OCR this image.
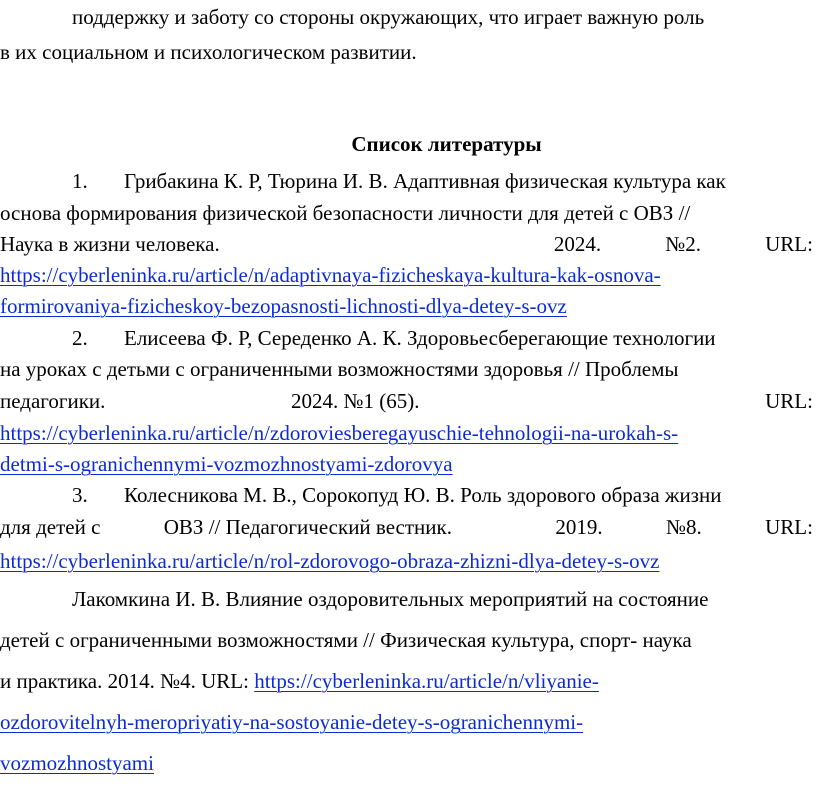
поддержку и заботу со стороны окружающих, что играет важную роль
в их социальном и психологическом развитии.
Список литературы
1. Грибакина К. Р, Тюрина И. В. Адаптивная физическая культура как
основа формирования физической безопасности личности для детей с ОВЗ //
Наука в жизни человека.	2024.	№2.	URL:
https://cyberleninka.ru/article/n/adaptivnaya-fizicheskaya-kultura-kak-osnova-
formirovaniya-fizicheskoy-bezopasnosti-lichnosti-dlya-detey-s-ovz
2. Елисеева Ф. Р, Середенко А. К. Здоровьесберегающие технологии
на уроках с детьми с ограниченными возможностями здоровья // Проблемы
педагогики.	2024. №1 (65).	URL:
https://cyberleninka.ru/article/n/zdoroviesberegayuschie-tehnologii-na-urokah-s-
detmi-s-ogranichennymi-vozmozhnostyami-zdorovya
3. Колесникова М. В., Сорокопуд Ю. В. Роль здорового образа жизни
для детей с	ОВЗ // Педагогический вестник.	2019.	№8.	URL:
https://cyberleninka.ru/article/n/rol-zdorovogo-obraza-zhizni-dlya-detey-s-ovz
Лакомкина И. В. Влияние оздоровительных мероприятий на состояние
детей с ограниченными возможностями // Физическая культура, спорт- наука
и практика. 2014. №4. URL: https://cyberleninka.ru/article/n/vliyanie-
ozdorovitelnyh-meropriyatiy-na-sostoyanie-detey-s-ogranichennymi-
vozmozhnostyami
